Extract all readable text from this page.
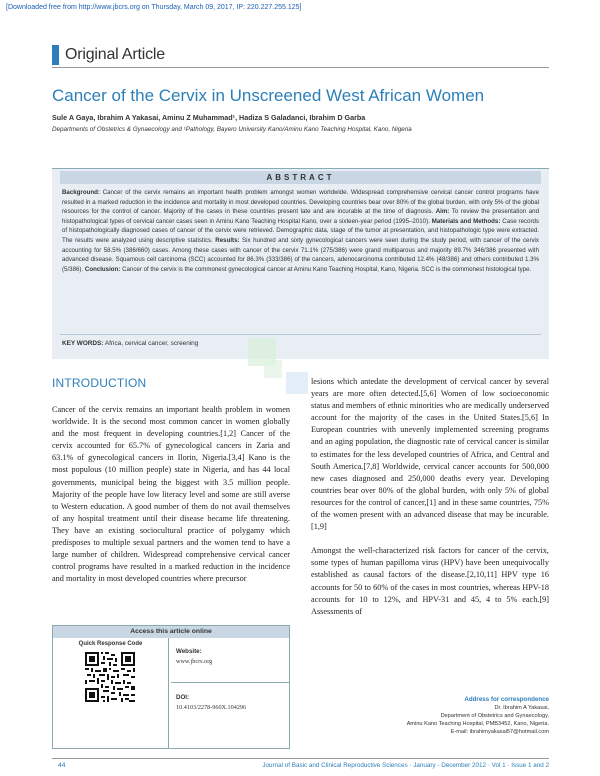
[Downloaded free from http://www.jbcrs.org on Thursday, March 09, 2017, IP: 220.227.255.125]
Original Article
Cancer of the Cervix in Unscreened West African Women
Sule A Gaya, Ibrahim A Yakasai, Aminu Z Muhammad¹, Hadiza S Galadanci, Ibrahim D Garba
Departments of Obstetrics & Gynaecology and ¹Pathology, Bayero University Kano/Aminu Kano Teaching Hospital, Kano, Nigeria
ABSTRACT
Background: Cancer of the cervix remains an important health problem amongst women worldwide. Widespread comprehensive cervical cancer control programs have resulted in a marked reduction in the incidence and mortality in most developed countries. Developing countries bear over 80% of the global burden, with only 5% of the global resources for the control of cancer. Majority of the cases in these countries present late and are incurable at the time of diagnosis. Aim: To review the presentation and histopathological types of cervical cancer cases seen in Aminu Kano Teaching Hospital Kano, over a sixteen-year period (1995–2010). Materials and Methods: Case records of histopathologically diagnosed cases of cancer of the cervix were retrieved. Demographic data, stage of the tumor at presentation, and histopathologic type were extracted. The results were analyzed using descriptive statistics. Results: Six hundred and sixty gynecological cancers were seen during the study period, with cancer of the cervix accounting for 58.5% (386/660) cases. Among these cases with cancer of the cervix 71.1% (275/386) were grand multiparous and majority 89.7% 346/386 presented with advanced disease. Squamous cell carcinoma (SCC) accounted for 86.3% (333/386) of the cancers, adenocarcinoma contributed 12.4% (48/386) and others contributed 1.3% (5/386). Conclusion: Cancer of the cervix is the commonest gynecological cancer at Aminu Kano Teaching Hospital, Kano, Nigeria. SCC is the commonest histological type.
KEY WORDS: Africa, cervical cancer, screening
INTRODUCTION
Cancer of the cervix remains an important health problem in women worldwide. It is the second most common cancer in women globally and the most frequent in developing countries.[1,2] Cancer of the cervix accounted for 65.7% of gynecological cancers in Zaria and 63.1% of gynecological cancers in Ilorin, Nigeria.[3,4] Kano is the most populous (10 million people) state in Nigeria, and has 44 local governments, municipal being the biggest with 3.5 million people. Majority of the people have low literacy level and some are still averse to Western education. A good number of them do not avail themselves of any hospital treatment until their disease became life threatening. They have an existing sociocultural practice of polygamy which predisposes to multiple sexual partners and the women tend to have a large number of children. Widespread comprehensive cervical cancer control programs have resulted in a marked reduction in the incidence and mortality in most developed countries where precursor
lesions which antedate the development of cervical cancer by several years are more often detected.[5,6] Women of low socioeconomic status and members of ethnic minorities who are medically underserved account for the majority of the cases in the United States.[5,6] In European countries with unevenly implemented screening programs and an aging population, the diagnostic rate of cervical cancer is similar to estimates for the less developed countries of Africa, and Central and South America.[7,8] Worldwide, cervical cancer accounts for 500,000 new cases diagnosed and 250,000 deaths every year. Developing countries bear over 80% of the global burden, with only 5% of global resources for the control of cancer,[1] and in these same countries, 75% of the women present with an advanced disease that may be incurable.[1,9]
Amongst the well-characterized risk factors for cancer of the cervix, some types of human papilloma virus (HPV) have been unequivocally established as causal factors of the disease.[2,10,11] HPV type 16 accounts for 50 to 60% of the cases in most countries, whereas HPV-18 accounts for 10 to 12%, and HPV-31 and 45, 4 to 5% each.[9] Assessments of
Access this article online
Quick Response Code
Website:
www.jbcrs.org
DOI:
10.4103/2278-960X.104296
Address for correspondence
Dr. Ibrahim A Yakasai,
Department of Obstetrics and Gynaecology,
Aminu Kano Teaching Hospital, PMB3452, Kano, Nigeria.
E-mail: ibrahimyakasai57@hotmail.com
44	Journal of Basic and Clinical Reproductive Sciences · January - December 2012 · Vol 1 · Issue 1 and 2
